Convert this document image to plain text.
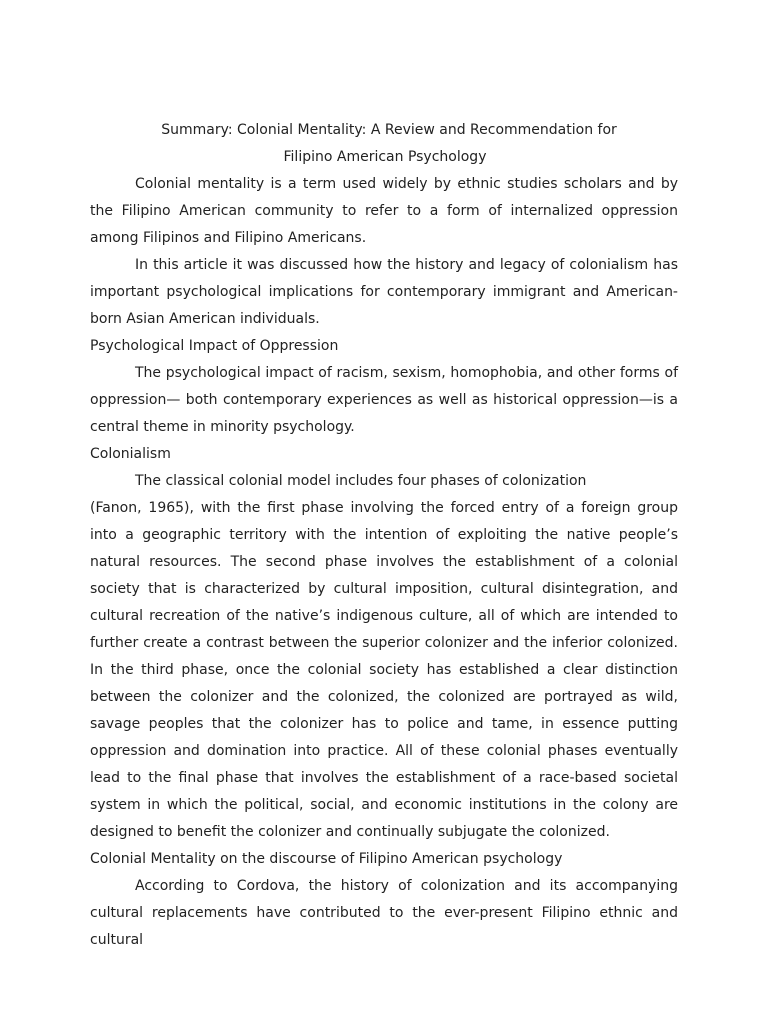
Summary: Colonial Mentality: A Review and Recommendation for
Filipino American Psychology

Colonial mentality is a term used widely by ethnic studies scholars and by the Filipino American community to refer to a form of internalized oppression among Filipinos and Filipino Americans.

In this article it was discussed how the history and legacy of colonialism has important psychological implications for contemporary immigrant and American-born Asian American individuals.

Psychological Impact of Oppression

The psychological impact of racism, sexism, homophobia, and other forms of oppression— both contemporary experiences as well as historical oppression—is a central theme in minority psychology.

Colonialism
The classical colonial model includes four phases of colonization

(Fanon, 1965), with the first phase involving the forced entry of a foreign group into a geographic territory with the intention of exploiting the native people’s natural resources. The second phase involves the establishment of a colonial society that is characterized by cultural imposition, cultural disintegration, and cultural recreation of the native’s indigenous culture, all of which are intended to further create a contrast between the superior colonizer and the inferior colonized. In the third phase, once the colonial society has established a clear distinction between the colonizer and the colonized, the colonized are portrayed as wild, savage peoples that the colonizer has to police and tame, in essence putting oppression and domination into practice. All of these colonial phases eventually lead to the final phase that involves the establishment of a race-based societal system in which the political, social, and economic institutions in the colony are designed to benefit the colonizer and continually subjugate the colonized.

Colonial Mentality on the discourse of Filipino American psychology

According to Cordova, the history of colonization and its accompanying cultural replacements have contributed to the ever-present Filipino ethnic and cultural
